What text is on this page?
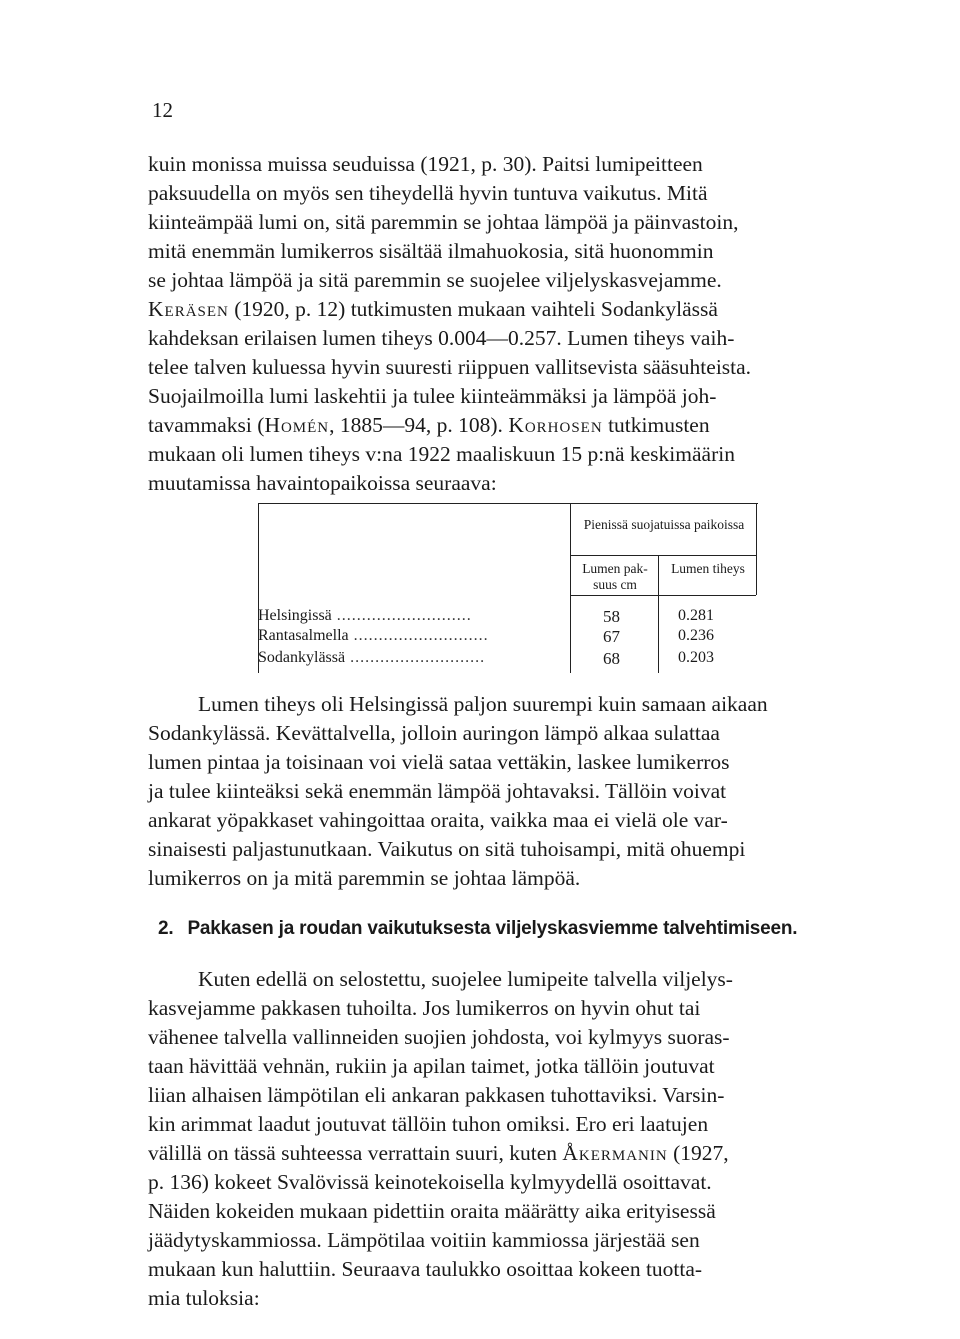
12

kuin monissa muissa seuduissa (1921, p. 30). Paitsi lumipeitteen

paksuudella on myös sen tiheydellä hyvin tuntuva vaikutus. Mitä

kiinteämpää lumi on, sitä paremmin se johtaa lämpöä ja päinvastoin,

mitä enemmän lumikerros sisältää ilmahuokosia, sitä huonommin

se johtaa lämpöä ja sitä paremmin se suojelee viljelyskasvejamme.

Keräsen (1920, p. 12) tutkimusten mukaan vaihteli Sodankylässä

kahdeksan erilaisen lumen tiheys 0.004—0.257. Lumen tiheys vaih-

telee talven kuluessa hyvin suuresti riippuen vallitsevista sääsuhteista.

Suojailmoilla lumi laskehtii ja tulee kiinteämmäksi ja lämpöä joh-

tavammaksi (Homén, 1885—94, p. 108). Korhosen tutkimusten

mukaan oli lumen tiheys v:na 1922 maaliskuun 15 p:nä keskimäärin

muutamissa havaintopaikoissa seuraava:

Pienissä suojatuissa paikoissa
Lumen pak-suus cm
Lumen tiheys
Helsingissä ...........................	58	0.281
Rantasalmella ...........................	67	0.236
Sodankylässä ...........................	68	0.203

Lumen tiheys oli Helsingissä paljon suurempi kuin samaan aikaan

Sodankylässä. Kevättalvella, jolloin auringon lämpö alkaa sulattaa

lumen pintaa ja toisinaan voi vielä sataa vettäkin, laskee lumikerros

ja tulee kiinteäksi sekä enemmän lämpöä johtavaksi. Tällöin voivat

ankarat yöpakkaset vahingoittaa oraita, vaikka maa ei vielä ole var-

sinaisesti paljastunutkaan. Vaikutus on sitä tuhoisampi, mitä ohuempi

lumikerros on ja mitä paremmin se johtaa lämpöä.

2. Pakkasen ja roudan vaikutuksesta viljelyskasviemme talvehtimiseen.

Kuten edellä on selostettu, suojelee lumipeite talvella viljelys-

kasvejamme pakkasen tuhoilta. Jos lumikerros on hyvin ohut tai

vähenee talvella vallinneiden suojien johdosta, voi kylmyys suoras-

taan hävittää vehnän, rukiin ja apilan taimet, jotka tällöin joutuvat

liian alhaisen lämpötilan eli ankaran pakkasen tuhottaviksi. Varsin-

kin arimmat laadut joutuvat tällöin tuhon omiksi. Ero eri laatujen

välillä on tässä suhteessa verrattain suuri, kuten Åkermanin (1927,

p. 136) kokeet Svalövissä keinotekoisella kylmyydellä osoittavat.

Näiden kokeiden mukaan pidettiin oraita määrätty aika erityisessä

jäädytyskammiossa. Lämpötilaa voitiin kammiossa järjestää sen

mukaan kun haluttiin. Seuraava taulukko osoittaa kokeen tuotta-

mia tuloksia:
